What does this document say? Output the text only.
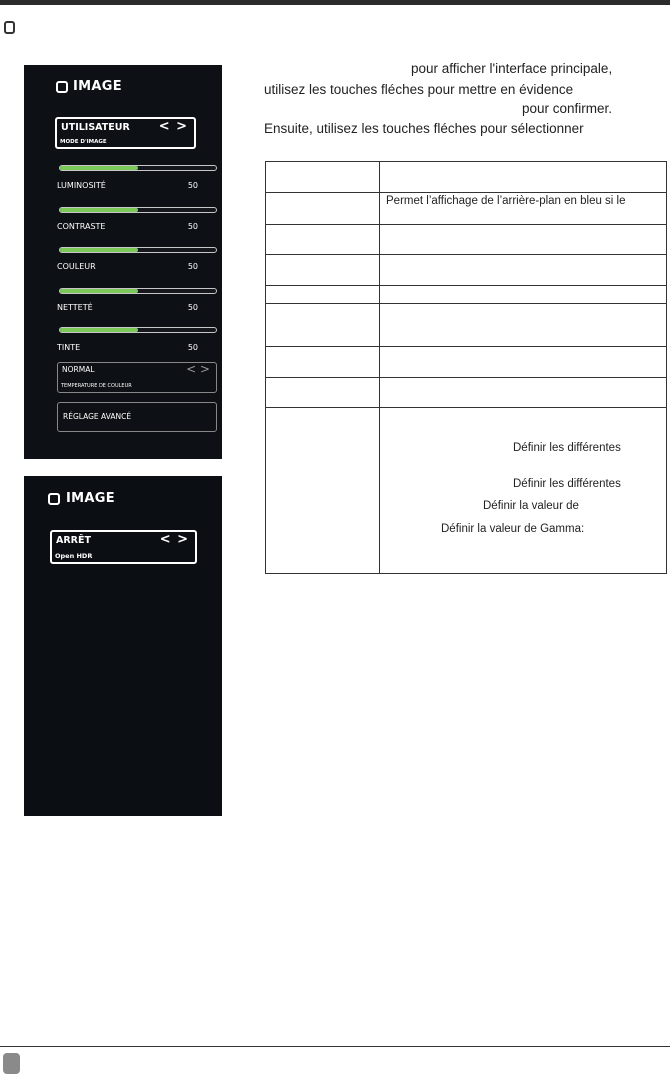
IMAGE
UTILISATEUR < >
MODE D'IMAGE
LUMINOSITÉ	50
CONTRASTE	50
COULEUR	50
NETTETÉ	50
TINTE	50
NORMAL	< >
TEMPERATURE DE COULEUR
RÉGLAGE AVANCÉ
IMAGE
ARRÊT	< >
Open HDR
pour afficher l'interface principale,
utilisez les touches fléches pour mettre en évidence
pour confirmer.
Ensuite, utilisez les touches fléches pour sélectionner
Permet l’affichage de l’arrière-plan en bleu si le
Définir les différentes
Définir les différentes
Définir la valeur de
Définir la valeur de Gamma:
